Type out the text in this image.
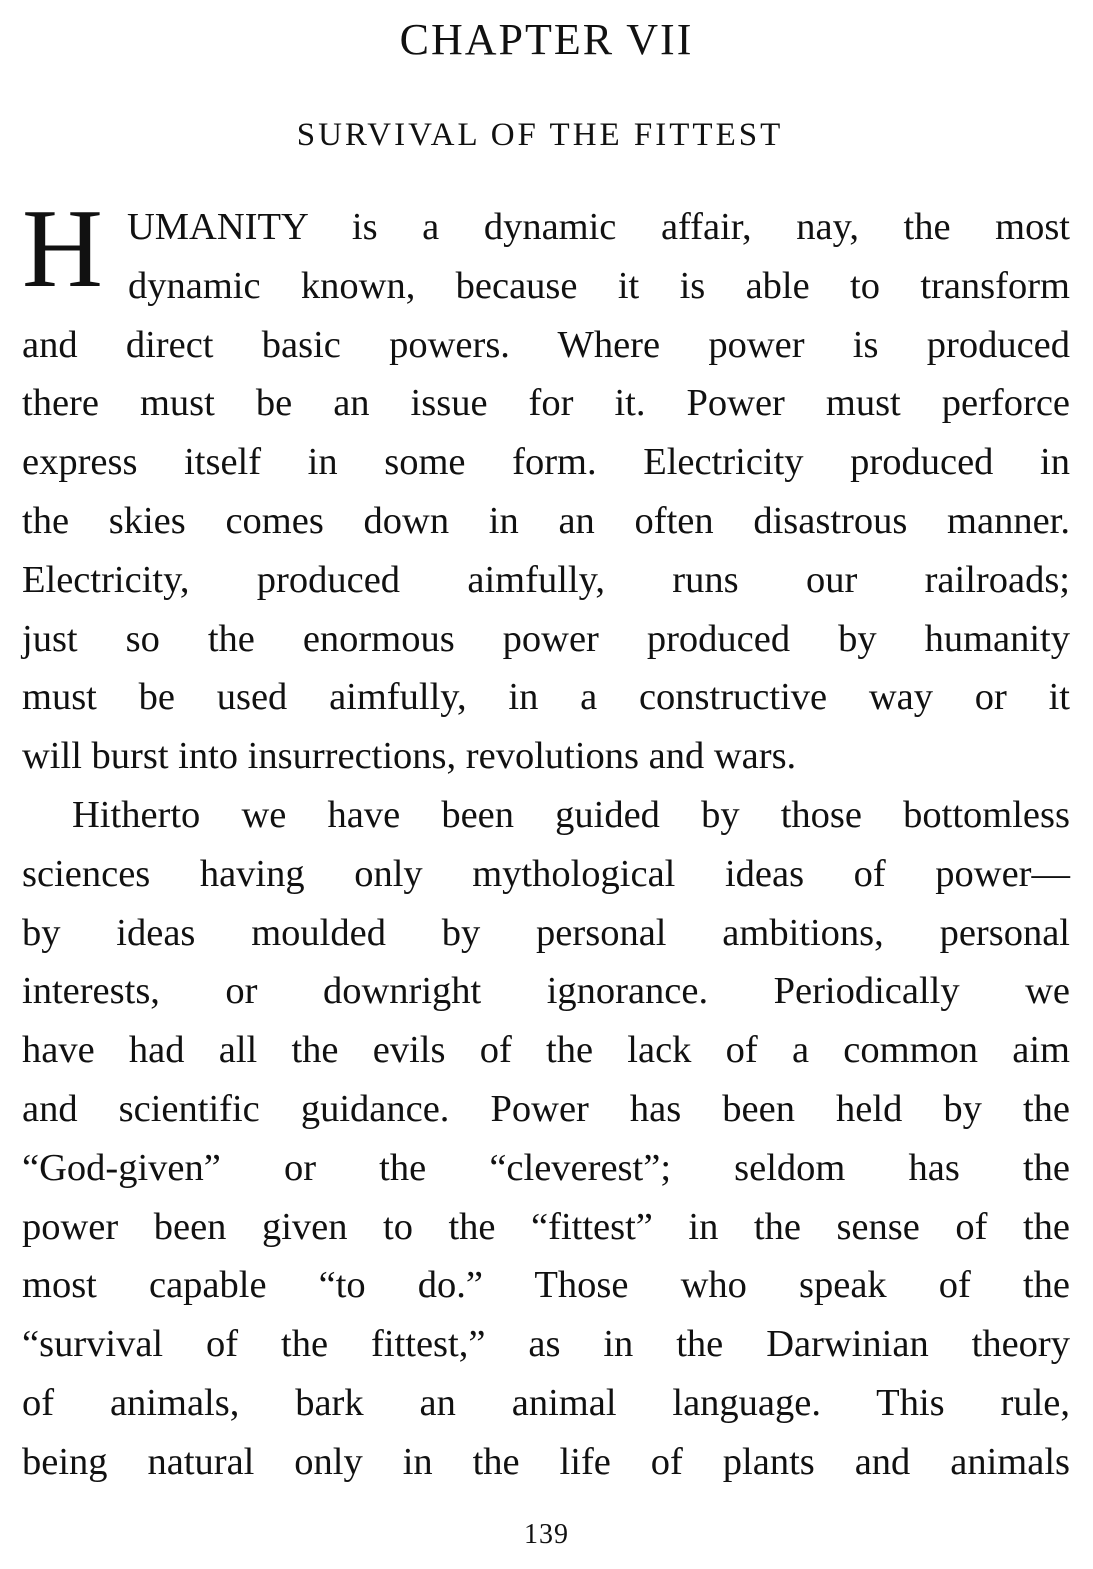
CHAPTER VII
SURVIVAL OF THE FITTEST
H UMANITY is a dynamic affair, nay, the most
dynamic known, because it is able to transform
and direct basic powers. Where power is produced
there must be an issue for it. Power must perforce
express itself in some form. Electricity produced in
the skies comes down in an often disastrous manner.
Electricity, produced aimfully, runs our railroads;
just so the enormous power produced by humanity
must be used aimfully, in a constructive way or it
will burst into insurrections, revolutions and wars.
Hitherto we have been guided by those bottomless
sciences having only mythological ideas of power—
by ideas moulded by personal ambitions, personal
interests, or downright ignorance. Periodically we
have had all the evils of the lack of a common aim
and scientific guidance. Power has been held by the
“God-given” or the “cleverest”; seldom has the
power been given to the “fittest” in the sense of the
most capable “to do.” Those who speak of the
“survival of the fittest,” as in the Darwinian theory
of animals, bark an animal language. This rule,
being natural only in the life of plants and animals
139
